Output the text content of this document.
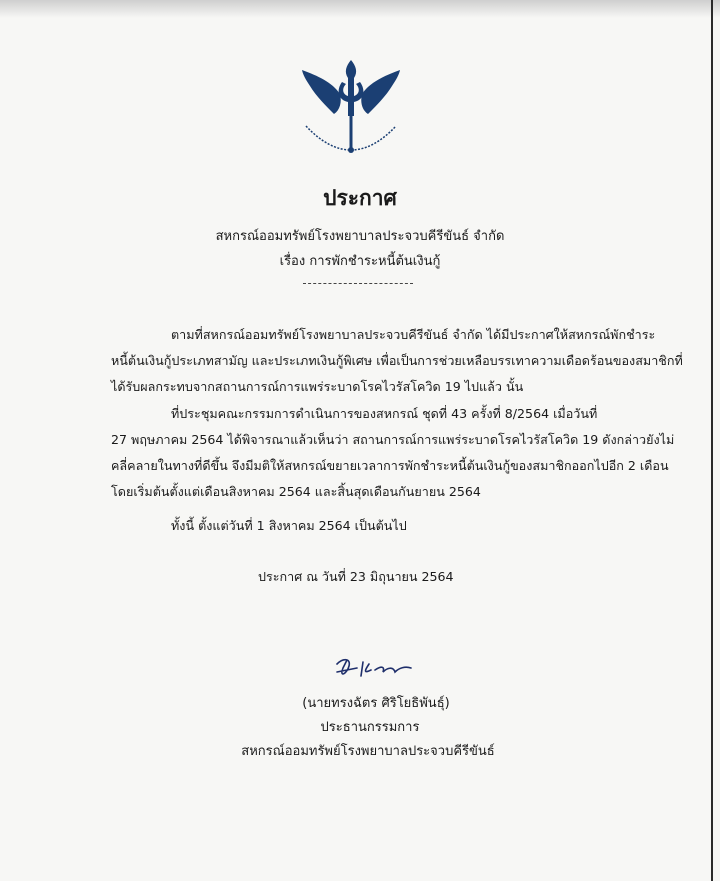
ประกาศ
สหกรณ์ออมทรัพย์โรงพยาบาลประจวบคีรีขันธ์ จำกัด
เรื่อง การพักชำระหนี้ต้นเงินกู้
ตามที่สหกรณ์ออมทรัพย์โรงพยาบาลประจวบคีรีขันธ์ จำกัด ได้มีประกาศให้สหกรณ์พักชำระ
หนี้ต้นเงินกู้ประเภทสามัญ และประเภทเงินกู้พิเศษ เพื่อเป็นการช่วยเหลือบรรเทาความเดือดร้อนของสมาชิกที่
ได้รับผลกระทบจากสถานการณ์การแพร่ระบาดโรคไวรัสโควิด 19 ไปแล้ว นั้น
ที่ประชุมคณะกรรมการดำเนินการของสหกรณ์ ชุดที่ 43 ครั้งที่ 8/2564 เมื่อวันที่
27 พฤษภาคม 2564 ได้พิจารณาแล้วเห็นว่า สถานการณ์การแพร่ระบาดโรคไวรัสโควิด 19 ดังกล่าวยังไม่
คลี่คลายในทางที่ดีขึ้น จึงมีมติให้สหกรณ์ขยายเวลาการพักชำระหนี้ต้นเงินกู้ของสมาชิกออกไปอีก 2 เดือน
โดยเริ่มต้นตั้งแต่เดือนสิงหาคม 2564 และสิ้นสุดเดือนกันยายน 2564
ทั้งนี้ ตั้งแต่วันที่ 1 สิงหาคม 2564 เป็นต้นไป
ประกาศ ณ วันที่ 23 มิถุนายน 2564
(นายทรงฉัตร ศิริโยธิพันธุ์)
ประธานกรรมการ
สหกรณ์ออมทรัพย์โรงพยาบาลประจวบคีรีขันธ์
